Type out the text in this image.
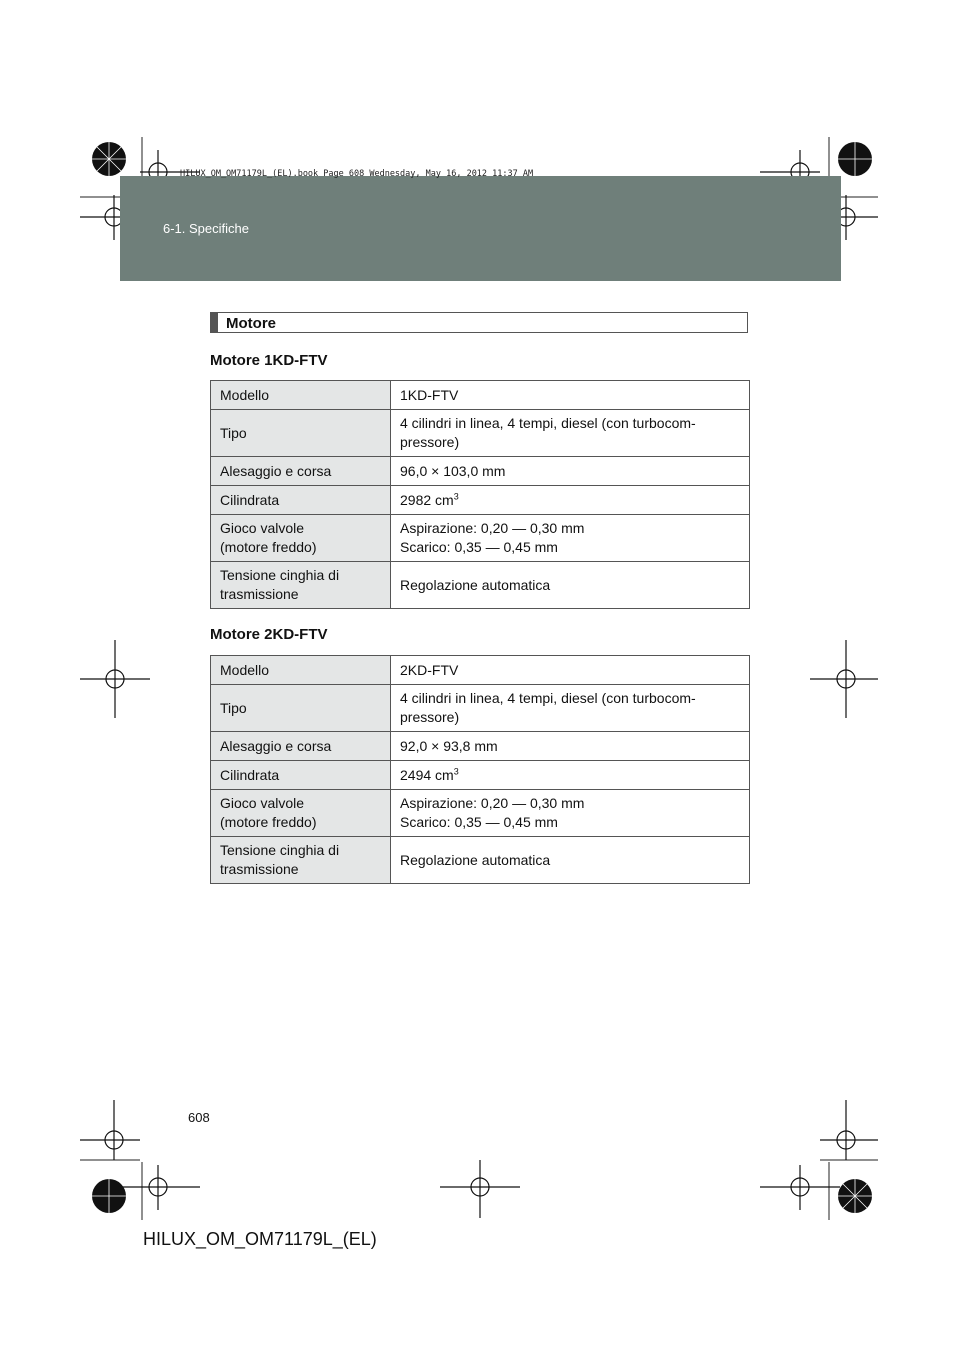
6-1. Specifiche
HILUX_OM_OM71179L_(EL).book Page 608 Wednesday, May 16, 2012 11:37 AM
Motore
Motore 1KD-FTV
Modello	1KD-FTV
Tipo	4 cilindri in linea, 4 tempi, diesel (con turbocom-
pressore)
Alesaggio e corsa	96,0 × 103,0 mm
Cilindrata	2982 $cm^3$
Gioco valvole
(motore freddo)	Aspirazione: 0,20 — 0,30 mm
Scarico: 0,35 — 0,45 mm
Tensione cinghia di
trasmissione	Regolazione automatica
Motore 2KD-FTV
Modello	2KD-FTV
Tipo	4 cilindri in linea, 4 tempi, diesel (con turbocom-
pressore)
Alesaggio e corsa	92,0 × 93,8 mm
Cilindrata	2494 $cm^3$
Gioco valvole
(motore freddo)	Aspirazione: 0,20 — 0,30 mm
Scarico: 0,35 — 0,45 mm
Tensione cinghia di
trasmissione	Regolazione automatica
608
HILUX_OM_OM71179L_(EL)
